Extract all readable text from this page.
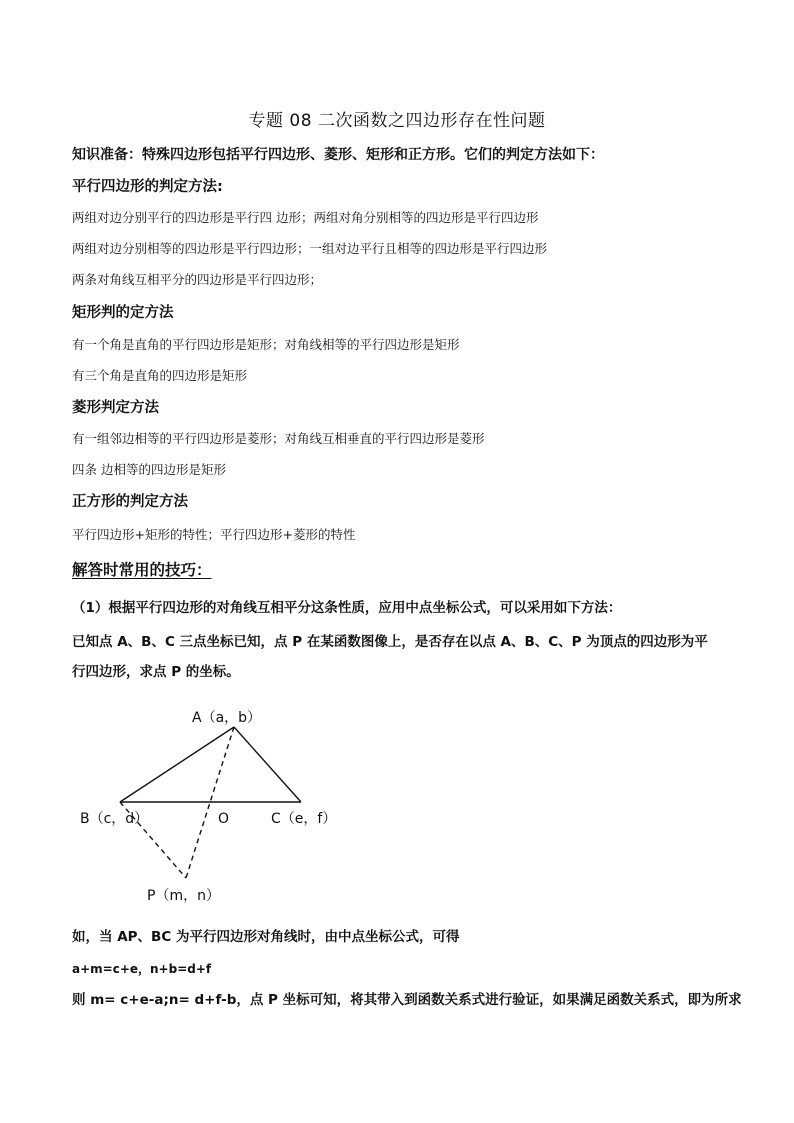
专题 08 二次函数之四边形存在性问题
知识准备：特殊四边形包括平行四边形、菱形、矩形和正方形。它们的判定方法如下：
平行四边形的判定方法:
两组对边分别平行的四边形是平行四 边形；两组对角分别相等的四边形是平行四边形
两组对边分别相等的四边形是平行四边形；一组对边平行且相等的四边形是平行四边形
两条对角线互相平分的四边形是平行四边形；
矩形判的定方法
有一个角是直角的平行四边形是矩形；对角线相等的平行四边形是矩形
有三个角是直角的四边形是矩形
菱形判定方法
有一组邻边相等的平行四边形是菱形；对角线互相垂直的平行四边形是菱形
四条 边相等的四边形是矩形
正方形的判定方法
平行四边形+矩形的特性；平行四边形+菱形的特性
解答时常用的技巧：
（1）根据平行四边形的对角线互相平分这条性质，应用中点坐标公式，可以采用如下方法：
已知点 A、B、C 三点坐标已知，点 P 在某函数图像上，是否存在以点 A、B、C、P 为顶点的四边形为平
行四边形，求点 P 的坐标。
A（a，b）
B（c，d）	O	C（e，f）
P（m，n）
如，当 AP、BC 为平行四边形对角线时，由中点坐标公式，可得
a+m=c+e，n+b=d+f
则 m= c+e-a;n= d+f-b，点 P 坐标可知，将其带入到函数关系式进行验证，如果满足函数关系式，即为所求
